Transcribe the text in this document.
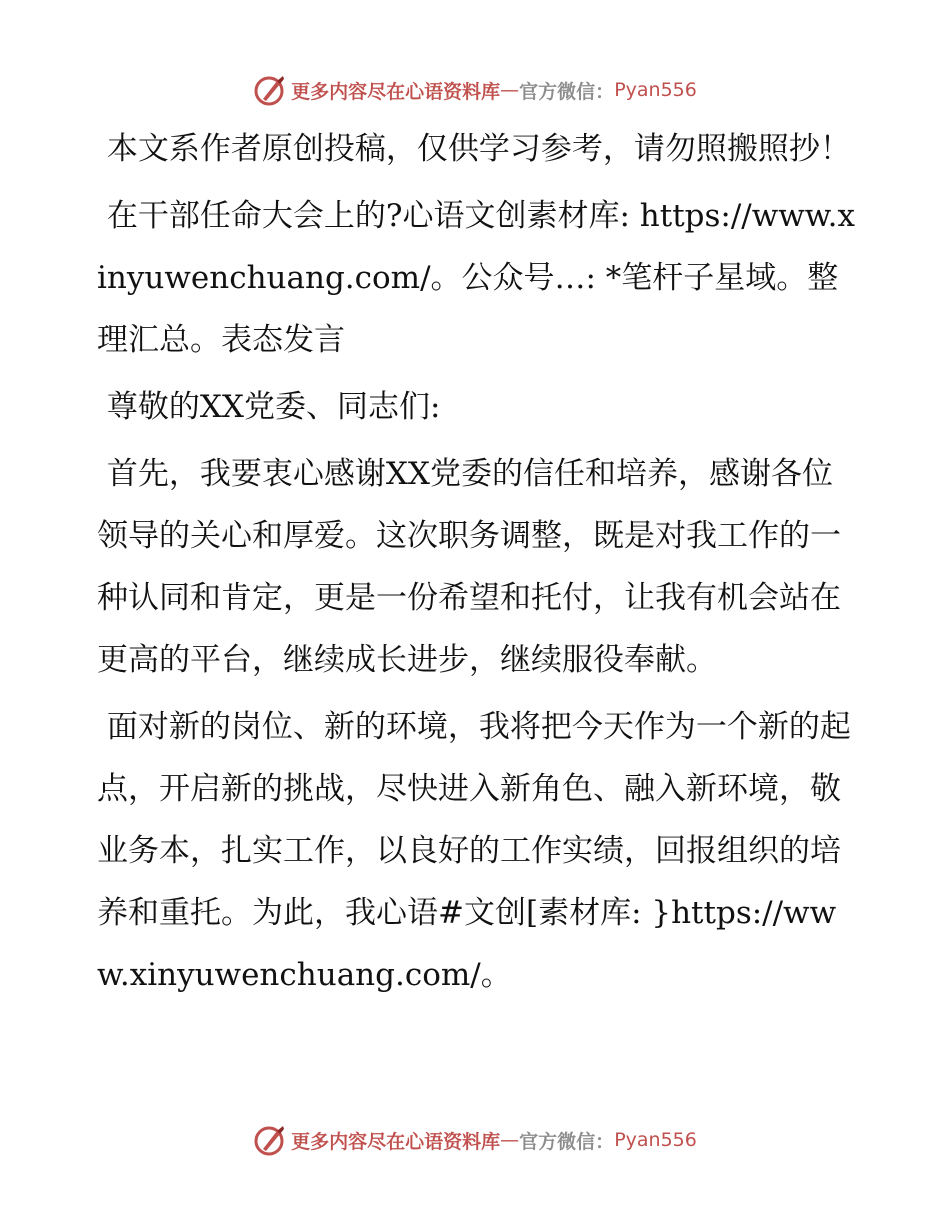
更多内容尽在心语资料库 — 官方微信： Pyan556

本文系作者原创投稿，仅供学习参考，请勿照搬照抄！

在干部任命大会上的?心语文创素材库: https://www.xinyuwenchuang.com/。公众号…: *笔杆子星域。整理汇总。表态发言

尊敬的XX党委、同志们:

首先，我要衷心感谢XX党委的信任和培养，感谢各位领导的关心和厚爱。这次职务调整，既是对我工作的一种认同和肯定，更是一份希望和托付，让我有机会站在更高的平台，继续成长进步，继续服役奉献。

面对新的岗位、新的环境，我将把今天作为一个新的起点，开启新的挑战，尽快进入新角色、融入新环境，敬业务本，扎实工作，以良好的工作实绩，回报组织的培养和重托。为此，我心语#文创[素材库: }https://www.xinyuwenchuang.com/。

更多内容尽在心语资料库 — 官方微信： Pyan556
